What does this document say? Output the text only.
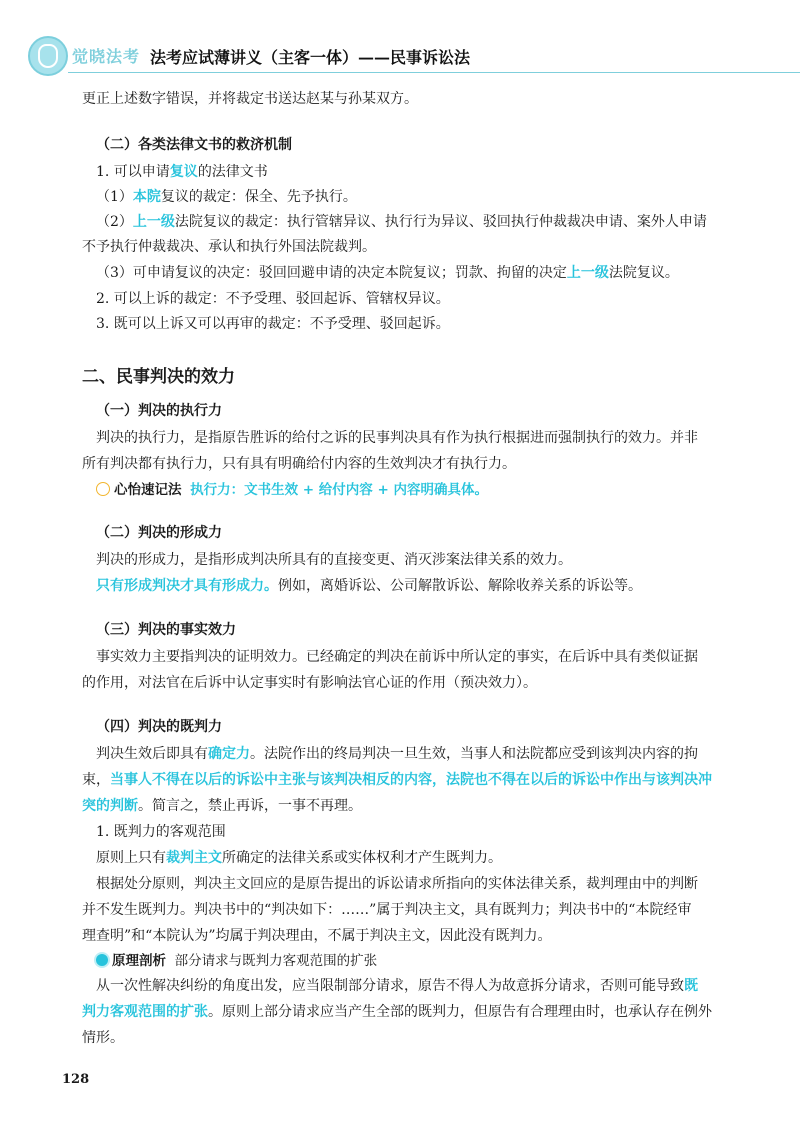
觉晓法考 法考应试薄讲义（主客一体）——民事诉讼法
更正上述数字错误，并将裁定书送达赵某与孙某双方。
（二）各类法律文书的救济机制
1. 可以申请复议的法律文书
（1）本院复议的裁定：保全、先予执行。
（2）上一级法院复议的裁定：执行管辖异议、执行行为异议、驳回执行仲裁裁决申请、案外人申请
不予执行仲裁裁决、承认和执行外国法院裁判。
（3）可申请复议的决定：驳回回避申请的决定本院复议；罚款、拘留的决定上一级法院复议。
2. 可以上诉的裁定：不予受理、驳回起诉、管辖权异议。
3. 既可以上诉又可以再审的裁定：不予受理、驳回起诉。
二、民事判决的效力
（一）判决的执行力
判决的执行力，是指原告胜诉的给付之诉的民事判决具有作为执行根据进而强制执行的效力。并非
所有判决都有执行力，只有具有明确给付内容的生效判决才有执行力。
心怡速记法 执行力：文书生效 + 给付内容 + 内容明确具体。
（二）判决的形成力
判决的形成力，是指形成判决所具有的直接变更、消灭涉案法律关系的效力。
只有形成判决才具有形成力。例如，离婚诉讼、公司解散诉讼、解除收养关系的诉讼等。
（三）判决的事实效力
事实效力主要指判决的证明效力。已经确定的判决在前诉中所认定的事实，在后诉中具有类似证据
的作用，对法官在后诉中认定事实时有影响法官心证的作用（预决效力）。
（四）判决的既判力
判决生效后即具有确定力。法院作出的终局判决一旦生效，当事人和法院都应受到该判决内容的拘
束，当事人不得在以后的诉讼中主张与该判决相反的内容，法院也不得在以后的诉讼中作出与该判决冲
突的判断。简言之，禁止再诉，一事不再理。
1. 既判力的客观范围
原则上只有裁判主文所确定的法律关系或实体权利才产生既判力。
根据处分原则，判决主文回应的是原告提出的诉讼请求所指向的实体法律关系，裁判理由中的判断
并不发生既判力。判决书中的“判决如下：……”属于判决主文，具有既判力；判决书中的“本院经审
理查明”和“本院认为”均属于判决理由，不属于判决主文，因此没有既判力。
原理剖析 部分请求与既判力客观范围的扩张
从一次性解决纠纷的角度出发，应当限制部分请求，原告不得人为故意拆分请求，否则可能导致既
判力客观范围的扩张。原则上部分请求应当产生全部的既判力，但原告有合理理由时，也承认存在例外
情形。
128
